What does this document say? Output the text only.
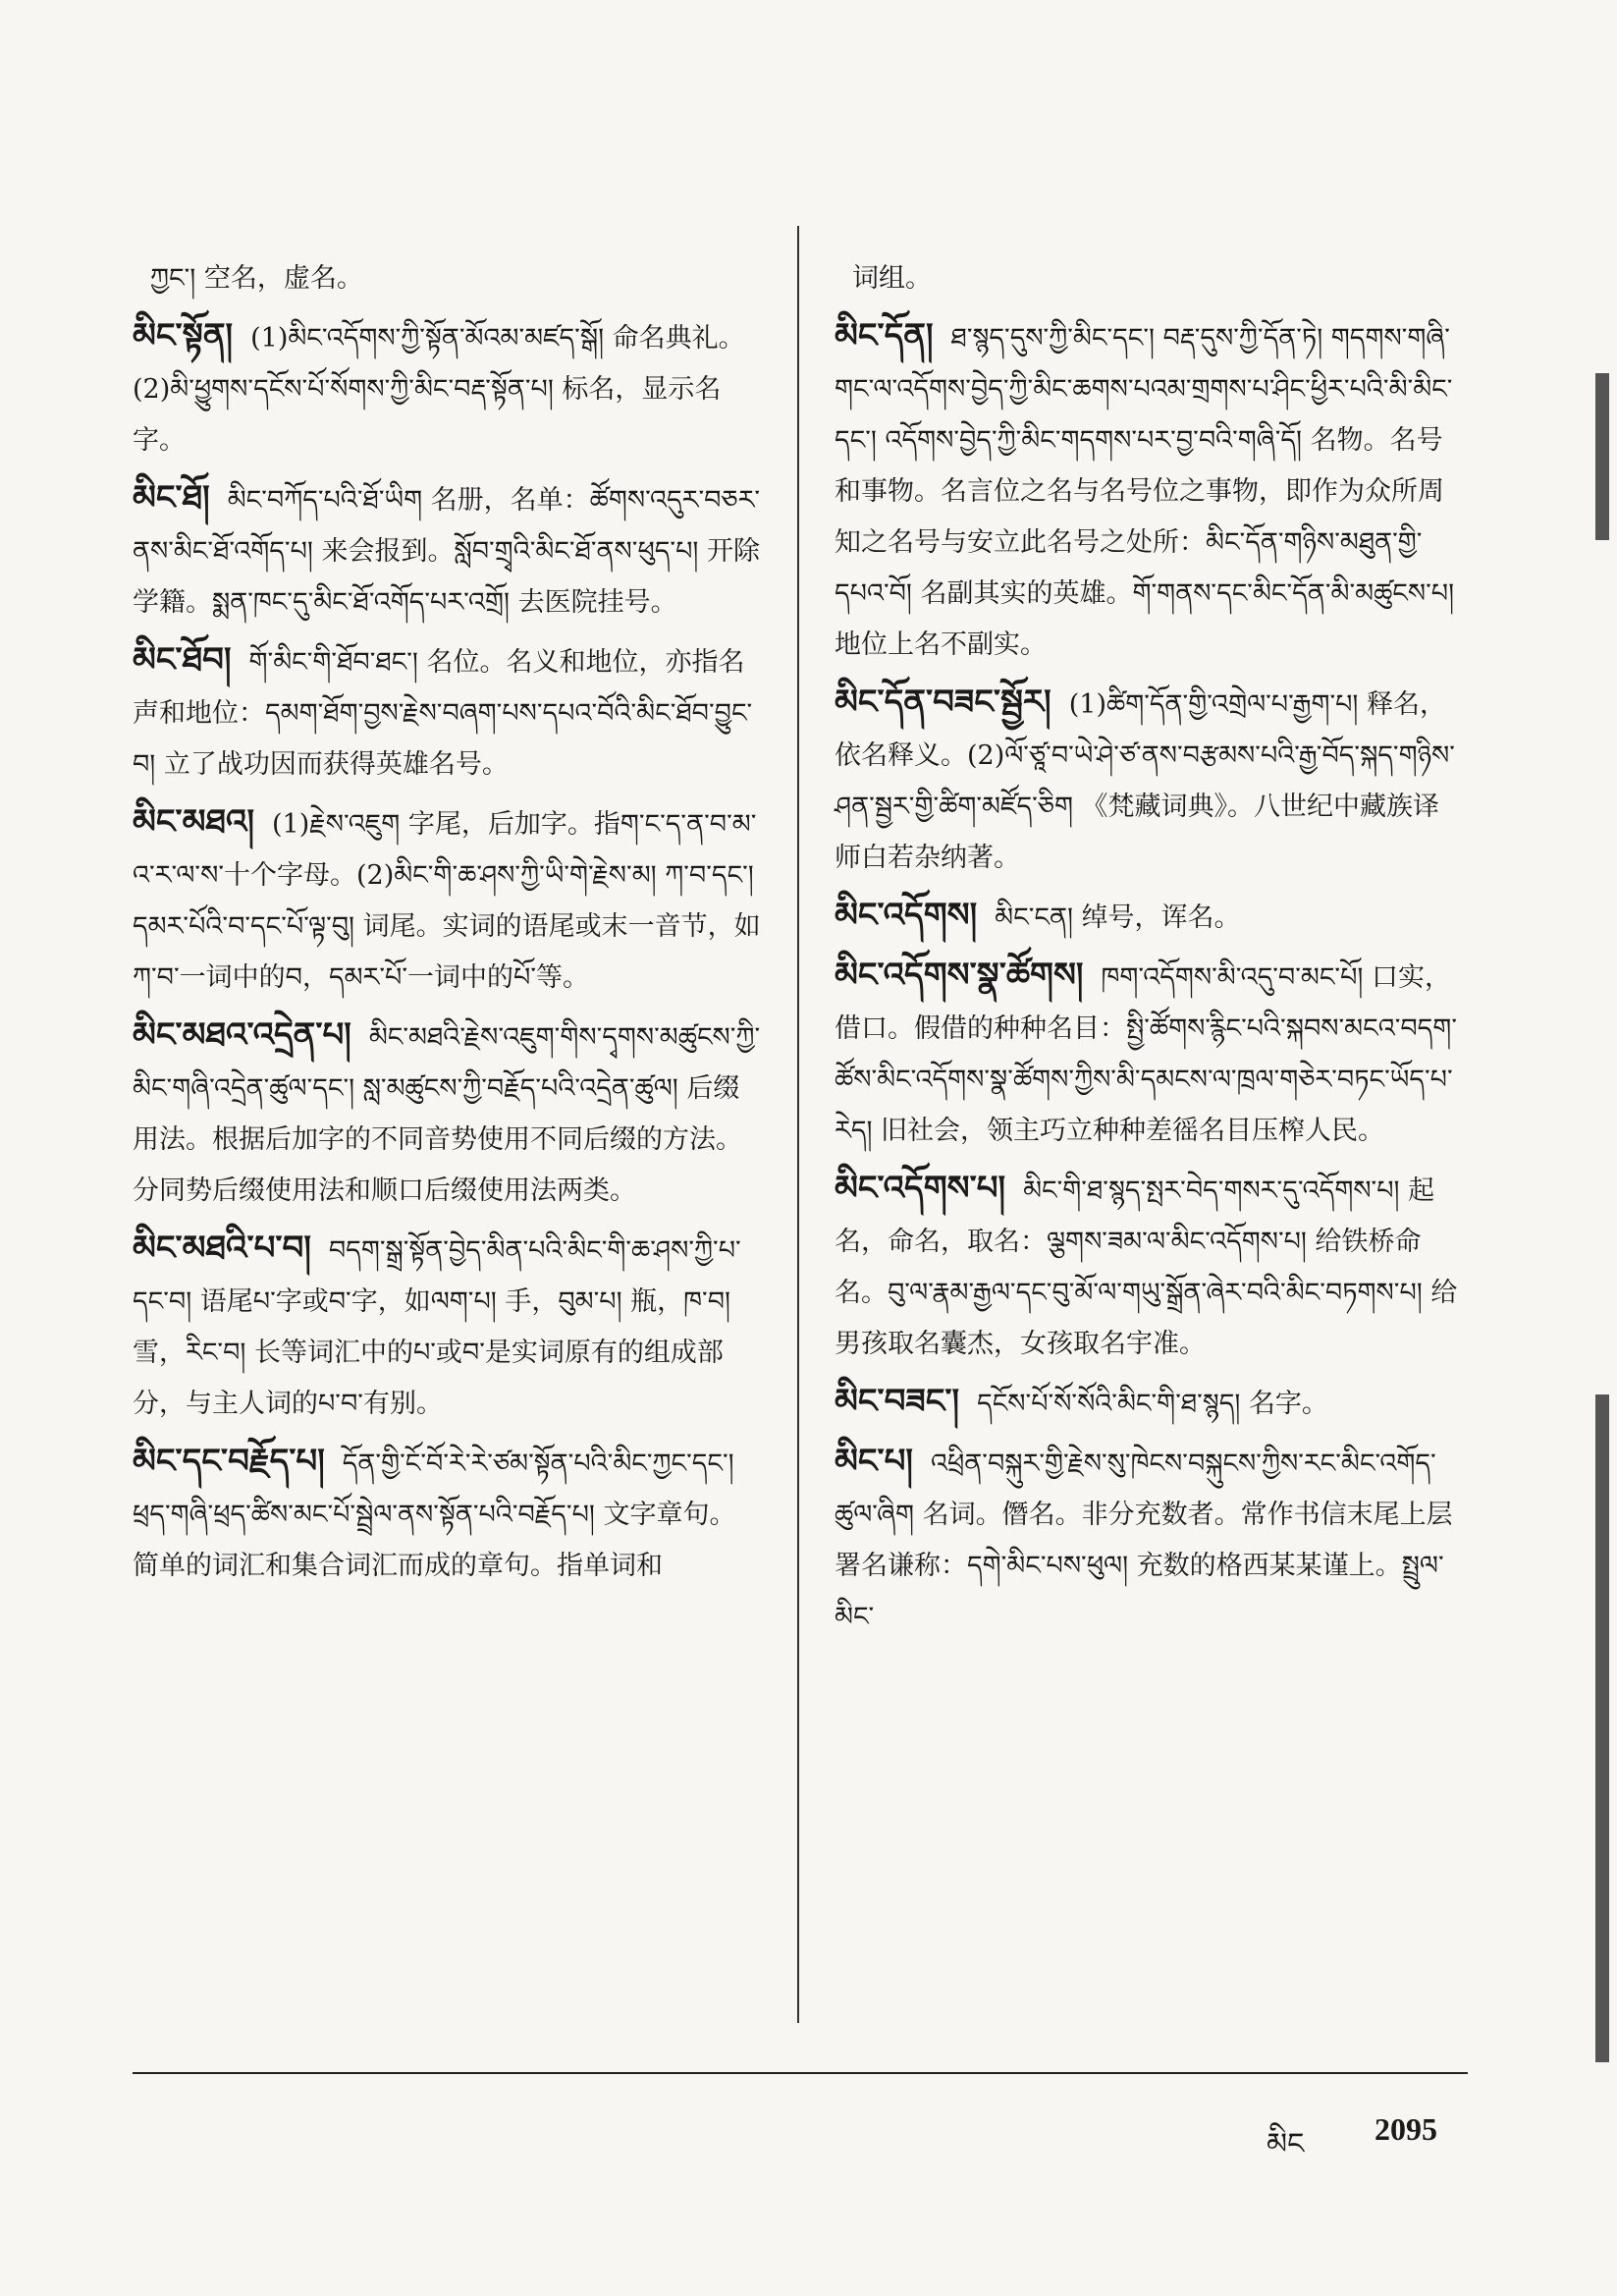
ཀྱང་། 空名，虚名。
མིང་སྟོན། (1)མིང་འདོགས་ཀྱི་སྟོན་མོའམ་མཛད་སྒོ། 命名典礼。(2)མི་ཕྱུགས་དངོས་པོ་སོགས་ཀྱི་མིང་བརྡ་སྟོན་པ། 标名，显示名字。
མིང་ཐོ། མིང་བཀོད་པའི་ཐོ་ཡིག 名册，名单：ཚོགས་འདུར་བཅར་ནས་མིང་ཐོ་འགོད་པ། 来会报到。སློབ་གྲྭའི་མིང་ཐོ་ནས་ཕུད་པ། 开除学籍。སྨན་ཁང་དུ་མིང་ཐོ་འགོད་པར་འགྲོ། 去医院挂号。
མིང་ཐོབ། གོ་མིང་གི་ཐོབ་ཐང་། 名位。名义和地位，亦指名声和地位：དམག་ཐོག་བྱས་རྗེས་བཞག་པས་དཔའ་བོའི་མིང་ཐོབ་བྱུང་བ། 立了战功因而获得英雄名号。
མིང་མཐའ། (1)རྗེས་འཇུག 字尾，后加字。指ག་ང་ད་ན་བ་མ་འ་ར་ལ་ས་十个字母。(2)མིང་གི་ཆ་ཤས་ཀྱི་ཡི་གེ་རྗེས་མ། ཀ་བ་དང་། དམར་པོའི་བ་དང་པོ་ལྟ་བུ། 词尾。实词的语尾或末一音节，如ཀ་བ་一词中的བ，དམར་པོ་一词中的པོ་等。
མིང་མཐའ་འདྲེན་པ། མིང་མཐའི་རྗེས་འཇུག་གིས་དྭགས་མཚུངས་ཀྱི་མིང་གཞི་འདྲེན་ཚུལ་དང་། སླ་མཚུངས་ཀྱི་བརྗོད་པའི་འདྲེན་ཚུལ། 后缀用法。根据后加字的不同音势使用不同后缀的方法。分同势后缀使用法和顺口后缀使用法两类。
མིང་མཐའི་པ་བ། བདག་སྒྲ་སྟོན་བྱེད་མིན་པའི་མིང་གི་ཆ་ཤས་ཀྱི་པ་དང་བ། 语尾པ་字或བ་字，如ལག་པ། 手，བུམ་པ། 瓶，ཁ་བ། 雪，རིང་བ། 长等词汇中的པ་或བ་是实词原有的组成部分，与主人词的པ་བ་有别。
མིང་དང་བརྗོད་པ། དོན་གྱི་ངོ་བོ་རེ་རེ་ཙམ་སྟོན་པའི་མིང་ཀྱང་དང་། ཕྲད་གཞི་ཕྲད་ཚིས་མང་པོ་སྦྲེལ་ནས་སྟོན་པའི་བརྗོད་པ། 文字章句。简单的词汇和集合词汇而成的章句。指单词和
词组。
མིང་དོན། ཐ་སྙད་དུས་ཀྱི་མིང་དང་། བརྡ་དུས་ཀྱི་དོན་ཏེ། གདགས་གཞི་གང་ལ་འདོགས་བྱེད་ཀྱི་མིང་ཆགས་པའམ་གྲགས་པ་ཤིང་ཕྱིར་པའི་མི་མིང་དང་། འདོགས་བྱེད་ཀྱི་མིང་གདགས་པར་བྱ་བའི་གཞི་དོ། 名物。名号和事物。名言位之名与名号位之事物，即作为众所周知之名号与安立此名号之处所：མིང་དོན་གཉིས་མཐུན་གྱི་དཔའ་བོ། 名副其实的英雄。གོ་གནས་དང་མིང་དོན་མི་མཚུངས་པ། 地位上名不副实。
མིང་དོན་བཟང་སྦྱོར། (1)ཚིག་དོན་གྱི་འགྲེལ་པ་རྒྱག་པ། 释名，依名释义。(2)ལོ་ཙཱ་བ་ཡེ་ཤེ་ཙ་ནས་བརྩམས་པའི་རྒྱ་བོད་སྐད་གཉིས་ཤན་སྦྱར་གྱི་ཚིག་མཛོད་ཅིག 《梵藏词典》。八世纪中藏族译师白若杂纳著。
མིང་འདོགས། མིང་ངན། 绰号，诨名。
མིང་འདོགས་སྣ་ཚོགས། ཁག་འདོགས་མི་འདུ་བ་མང་པོ། 口实，借口。假借的种种名目：སྤྱི་ཚོགས་རྙིང་པའི་སྐབས་མངའ་བདག་ཚོས་མིང་འདོགས་སྣ་ཚོགས་ཀྱིས་མི་དམངས་ལ་ཁྲལ་གཅེར་བཏང་ཡོད་པ་རེད། 旧社会，领主巧立种种差徭名目压榨人民。
མིང་འདོགས་པ། མིང་གི་ཐ་སྙད་སྤར་བེད་གསར་དུ་འདོགས་པ། 起名，命名，取名：ལྕགས་ཟམ་ལ་མིང་འདོགས་པ། 给铁桥命名。བུ་ལ་རྣམ་རྒྱལ་དང་བུ་མོ་ལ་གཡུ་སྒྲོན་ཞེར་བའི་མིང་བཏགས་པ། 给男孩取名囊杰，女孩取名宇准。
མིང་བཟང་། དངོས་པོ་སོ་སོའི་མིང་གི་ཐ་སྙད། 名字。
མིང་པ། འཕྲིན་བསྐུར་གྱི་རྗེས་སུ་ཁེངས་བསྐུངས་ཀྱིས་རང་མིང་འགོད་ཚུལ་ཞིག 名词。僭名。非分充数者。常作书信末尾上层署名谦称：དགེ་མིང་པས་ཕུལ། 充数的格西某某谨上。སྤྲུལ་མིང་
མིང 2095
